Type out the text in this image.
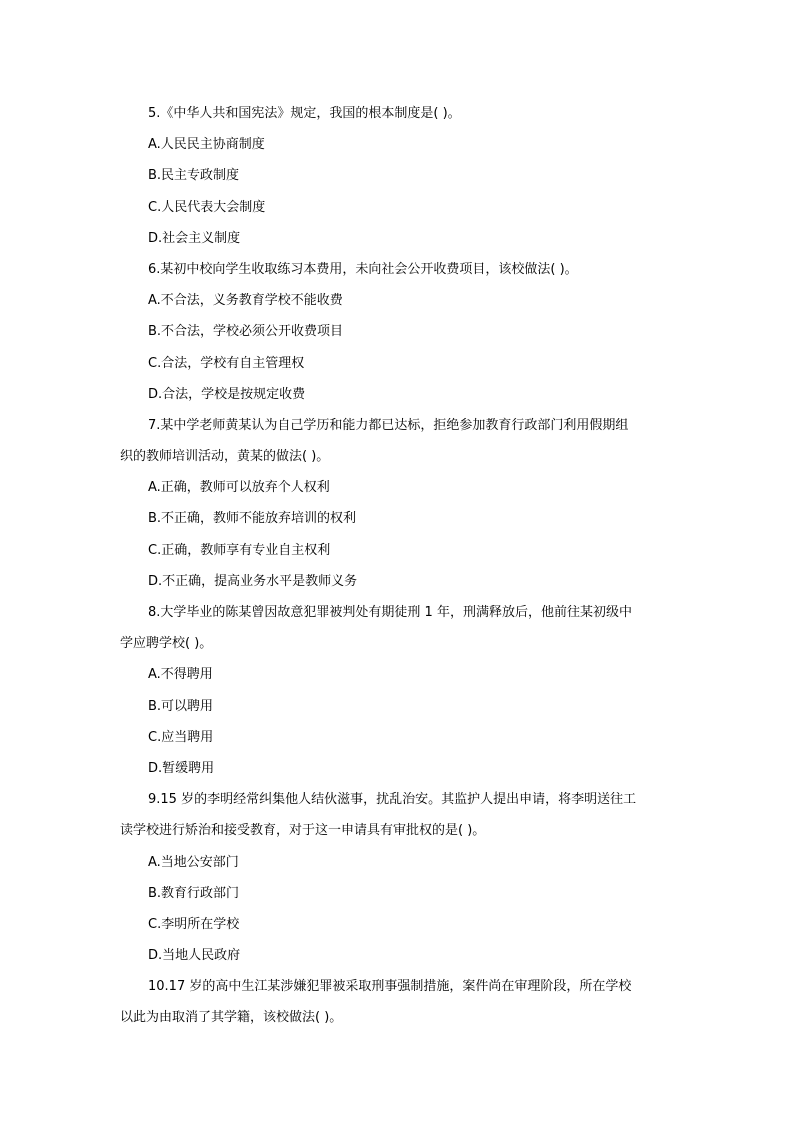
5.《中华人共和国宪法》规定，我国的根本制度是( )。
A.人民民主协商制度
B.民主专政制度
C.人民代表大会制度
D.社会主义制度
6.某初中校向学生收取练习本费用，未向社会公开收费项目，该校做法( )。
A.不合法，义务教育学校不能收费
B.不合法，学校必须公开收费项目
C.合法，学校有自主管理权
D.合法，学校是按规定收费
7.某中学老师黄某认为自己学历和能力都已达标，拒绝参加教育行政部门利用假期组
织的教师培训活动，黄某的做法( )。
A.正确，教师可以放弃个人权利
B.不正确，教师不能放弃培训的权利
C.正确，教师享有专业自主权利
D.不正确，提高业务水平是教师义务
8.大学毕业的陈某曾因故意犯罪被判处有期徒刑 1 年，刑满释放后，他前往某初级中
学应聘学校( )。
A.不得聘用
B.可以聘用
C.应当聘用
D.暂缓聘用
9.15 岁的李明经常纠集他人结伙滋事，扰乱治安。其监护人提出申请，将李明送往工
读学校进行矫治和接受教育，对于这一申请具有审批权的是( )。
A.当地公安部门
B.教育行政部门
C.李明所在学校
D.当地人民政府
10.17 岁的高中生江某涉嫌犯罪被采取刑事强制措施，案件尚在审理阶段，所在学校
以此为由取消了其学籍，该校做法( )。
